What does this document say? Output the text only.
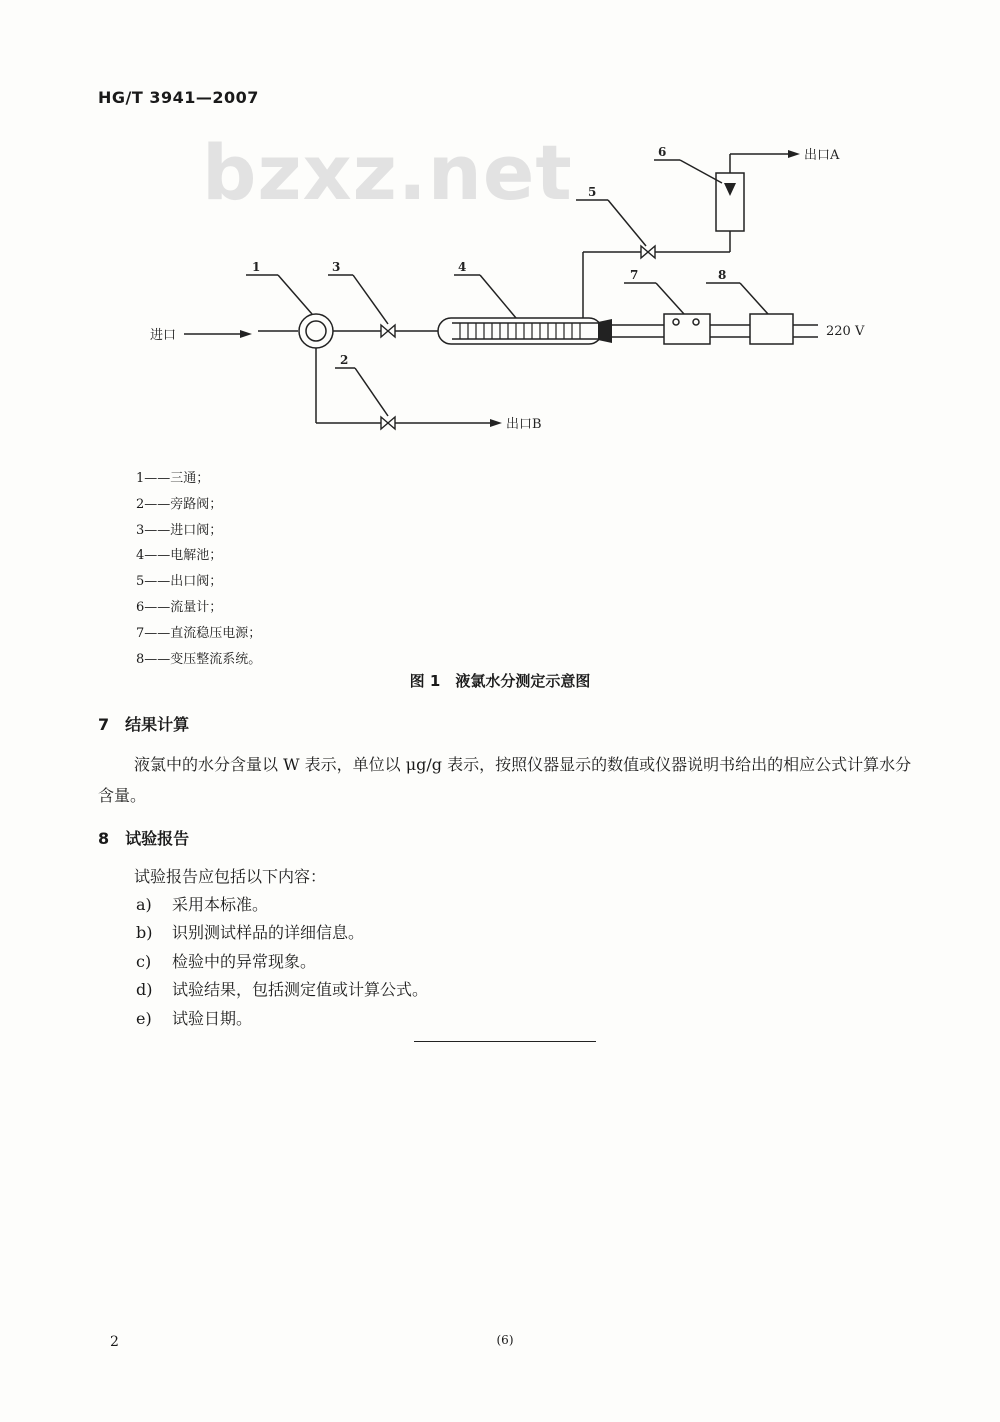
HG/T 3941—2007
bzxz.net
进口
出口B
出口A
220 V
1
2
3	4
5
6
7	8
1——三通；
2——旁路阀；
3——进口阀；
4——电解池；
5——出口阀；
6——流量计；
7——直流稳压电源；
8——变压整流系统。
图 1　液氯水分测定示意图
7　结果计算

液氯中的水分含量以 W 表示，单位以 μg/g 表示，按照仪器显示的数值或仪器说明书给出的相应公式计算水分含量。

8　试验报告
试验报告应包括以下内容：
a) 采用本标准。
b) 识别测试样品的详细信息。
c) 检验中的异常现象。
d) 试验结果，包括测定值或计算公式。
e) 试验日期。
2	(6)
